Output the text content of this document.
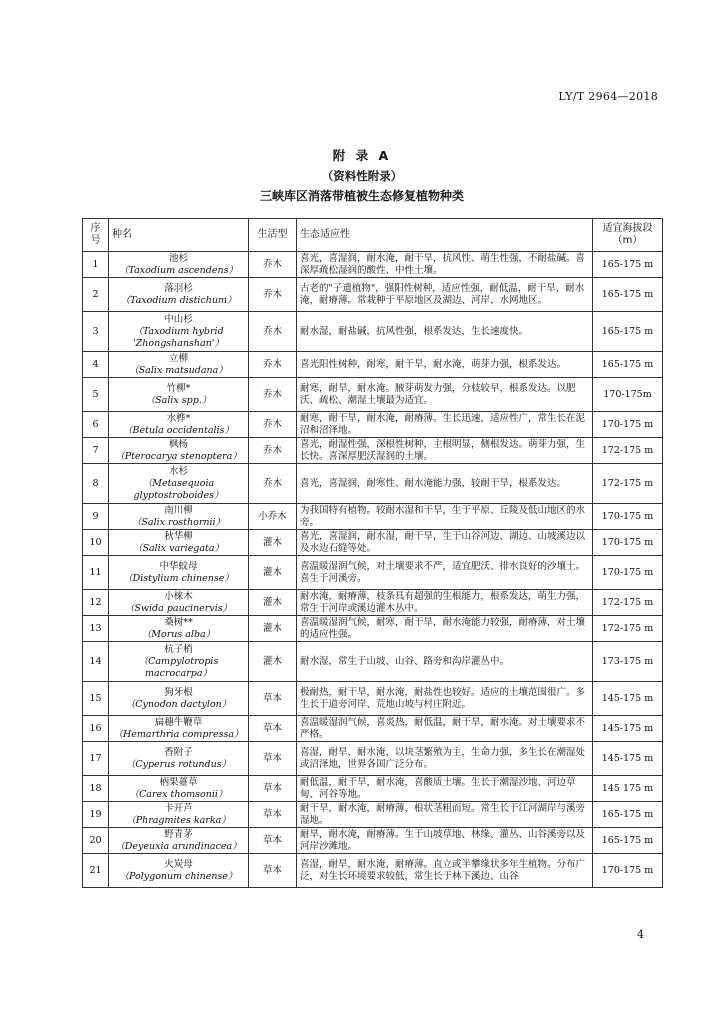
LY/T 2964—2018
附 录 A
（资料性附录）
三峡库区消落带植被生态修复植物种类
序号	种名	生活型	生态适应性	适宜海拔段（m）
1	池杉
（Taxodium ascendens）	乔木	喜光，喜湿润，耐水淹，耐干旱，抗风性、萌生性强，不耐盐碱。喜深厚疏松湿润的酸性、中性土壤。	165-175 m
2	落羽杉
（Taxodium distichum）	乔木	古老的"子遗植物"，强阳性树种，适应性强，耐低温，耐干旱，耐水淹，耐瘠薄。常栽种于平原地区及湖边、河岸、水网地区。	165-175 m
3	中山杉
（Taxodium hybrid 'Zhongshanshan'）	乔木	耐水湿，耐盐碱，抗风性强，根系发达，生长速度快。	165-175 m
4	立柳
（Salix matsudana）	乔木	喜光阳性树种，耐寒，耐干旱，耐水淹，萌芽力强，根系发达。	165-175 m
5	竹柳*
（Salix spp.）	乔木	耐寒，耐旱，耐水淹。腋芽萌发力强，分枝较早，根系发达。以肥沃、疏松、潮湿土壤最为适宜。	170-175m
6	水桦*
（Betula occidentalis）	乔木	耐寒，耐干旱，耐水淹，耐瘠薄。生长迅速，适应性广，常生长在泥沼和沼泽地。	170-175 m
7	枫杨
（Pterocarya stenoptera）	乔木	喜光，耐湿性强，深根性树种，主根明显，侧根发达。萌芽力强，生长快。喜深厚肥沃湿润的土壤。	172-175 m
8	水杉
（Metasequoia glyptostroboides）	乔木	喜光，喜湿润，耐寒性、耐水淹能力强，较耐干旱，根系发达。	172-175 m
9	南川柳
（Salix rosthornii）	小乔木	为我国特有植物。较耐水湿和干旱，生于平原、丘陵及低山地区的水旁。	170-175 m
10	秋华柳
（Salix variegata）	灌木	喜光，喜湿润，耐水湿，耐干旱，生于山谷河边、湖边、山坡溪边以及水边石缝等处。	170-175 m
11	中华蚊母
（Distylium chinense）	灌木	喜温暖湿润气候，对土壤要求不严，适宜肥沃、排水良好的沙壤土。喜生于河溪旁。	170-175 m
12	小梾木
（Swida paucinervis）	灌木	耐水淹，耐瘠薄，枝条具有超强的生根能力，根系发达，萌生力强，常生于河岸或溪边灌木丛中。	172-175 m
13	桑树**
（Morus alba）	灌木	喜温暖湿润气候，耐寒，耐干旱，耐水淹能力较强，耐瘠薄，对土壤的适应性强。	172-175 m
14	杭子梢
（Campylotropis macrocarpa）	灌木	耐水湿，常生于山坡、山谷、路旁和沟岸灌丛中。	173-175 m
15	狗牙根
（Cynodon dactylon）	草本	极耐热，耐干旱，耐水淹，耐盐性也较好。适应的土壤范围很广。多生长于道旁河岸、荒地山坡与村庄附近。	145-175 m
16	扁穗牛鞭草
（Hemarthria compressa）	草本	喜温暖湿润气候，喜炎热，耐低温，耐干旱，耐水淹。对土壤要求不严格。	145-175 m
17	香附子
（Cyperus rotundus）	草本	喜湿，耐旱，耐水淹，以块茎繁殖为主，生命力强，多生长在潮湿处或沼泽地，世界各国广泛分布。	145-175 m
18	柄果薹草
（Carex thomsonii）	草本	耐低温，耐干旱，耐水淹，喜酸质土壤。生长于潮湿沙地、河边草甸、河谷等地。	145 175 m
19	卡开芦
（Phragmites karka）	草本	耐干旱，耐水淹，耐瘠薄，根状茎粗而短。常生长于江河湖岸与溪旁湿地。	165-175 m
20	野青茅
（Deyeuxia arundinacea）	草本	耐旱，耐水淹，耐瘠薄。生于山坡草地、林缘、灌丛、山谷溪旁以及河岸沙滩地。	165-175 m
21	火炭母
（Polygonum chinense）	草本	喜湿，耐旱，耐水淹，耐瘠薄。直立或半攀缘状多年生植物。分布广泛，对生长环境要求较低，常生长于林下溪边、山谷	170-175 m
4
